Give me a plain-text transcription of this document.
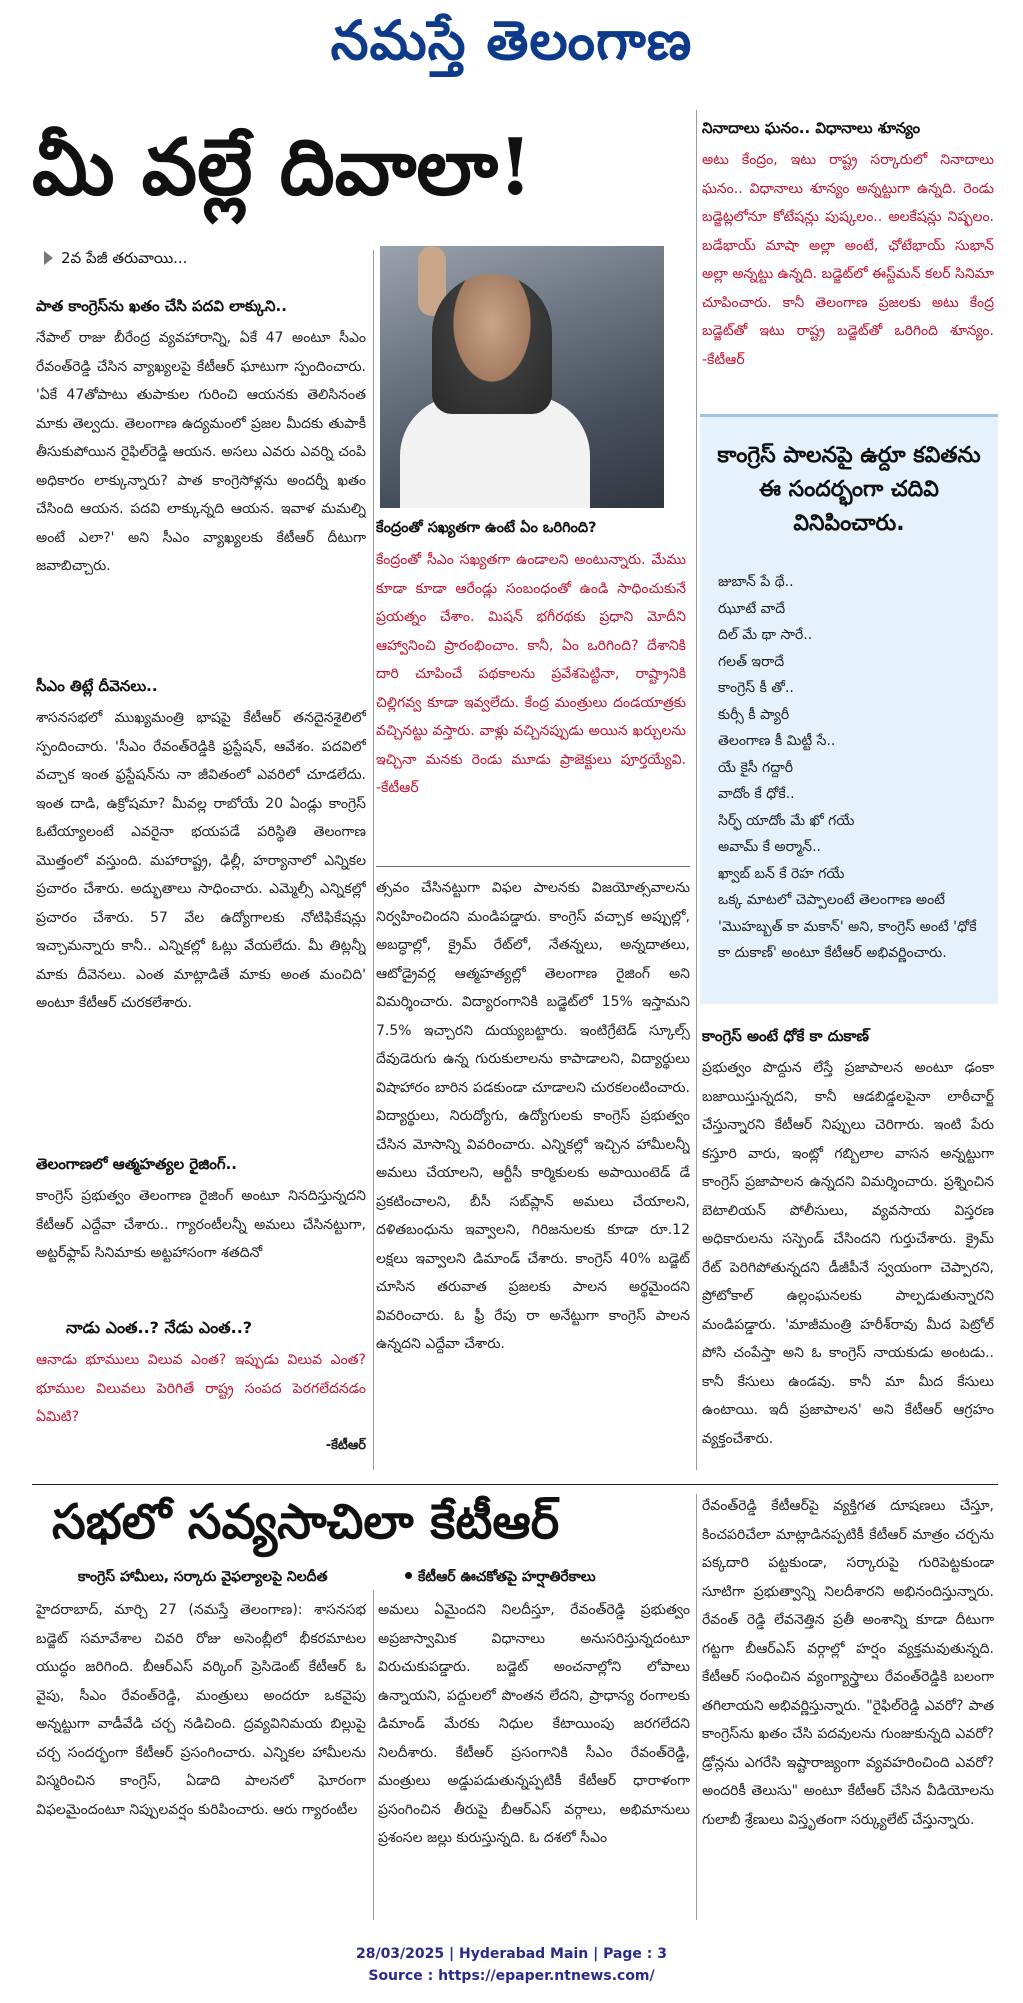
నమస్తే తెలంగాణ
మీ వల్లే దివాలా!
2వ పేజీ తరువాయి...
పాత కాంగ్రెస్‌ను ఖతం చేసి పదవి లాక్కుని..
నేపాల్ రాజు బీరేంద్ర వ్యవహారాన్ని, ఏకే 47 అంటూ సీఎం రేవంత్‌రెడ్డి చేసిన వ్యాఖ్యలపై కేటీఆర్ ఘాటుగా స్పందించారు. 'ఏకే 47తోపాటు తుపాకుల గురించి ఆయనకు తెలిసినంత మాకు తెల్వదు. తెలంగాణ ఉద్యమంలో ప్రజల మీదకు తుపాకీ తీసుకుపోయిన రైఫిల్‌రెడ్డి ఆయన. అసలు ఎవరు ఎవర్ని చంపి అధికారం లాక్కున్నారు? పాత కాంగ్రెసోళ్లను అందర్నీ ఖతం చేసింది ఆయన. పదవి లాక్కున్నది ఆయన. ఇవాళ మమల్ని అంటే ఎలా?' అని సీఎం వ్యాఖ్యలకు కేటీఆర్ దీటుగా జవాబిచ్చారు.
సీఎం తిట్లే దీవెనలు..
శాసనసభలో ముఖ్యమంత్రి భాషపై కేటీఆర్ తనదైనశైలిలో స్పందించారు. 'సీఎం రేవంత్‌రెడ్డికి ఫ్రస్టేషన్, ఆవేశం. పదవిలో వచ్చాక ఇంత ఫ్రస్టేషన్‌ను నా జీవితంలో ఎవరిలో చూడలేదు. ఇంత దాడి, ఉక్రోషమా? మీవల్ల రాబోయే 20 ఏండ్లు కాంగ్రెస్ ఓటేయ్యాలంటే ఎవరైనా భయపడే పరిస్థితి తెలంగాణ మొత్తంలో వస్తుంది. మహారాష్ట్ర, ఢిల్లీ, హర్యానాలో ఎన్నికల ప్రచారం చేశారు. అద్భుతాలు సాధించారు. ఎమ్మెల్సీ ఎన్నికల్లో ప్రచారం చేశారు. 57 వేల ఉద్యోగాలకు నోటిఫికేషన్లు ఇచ్చామన్నారు కానీ.. ఎన్నికల్లో ఓట్లు వేయలేదు. మీ తిట్లన్నీ మాకు దీవెనలు. ఎంత మాట్లాడితే మాకు అంత మంచిది' అంటూ కేటీఆర్ చురకలేశారు.
తెలంగాణలో ఆత్మహత్యల రైజింగ్..
కాంగ్రెస్ ప్రభుత్వం తెలంగాణ రైజింగ్ అంటూ నినదిస్తున్నదని కేటీఆర్ ఎద్దేవా చేశారు.. గ్యారంటీలన్నీ అమలు చేసినట్టుగా, అట్టర్‌ఫ్లాప్ సినిమాకు అట్టహాసంగా శతదినో
నాడు ఎంత..? నేడు ఎంత..?
ఆనాడు భూములు విలువ ఎంత? ఇప్పుడు విలువ ఎంత? భూముల విలువలు పెరిగితే రాష్ట్ర సంపద పెరగలేదనడం ఏమిటి?
-కేటీఆర్
కేంద్రంతో సఖ్యతగా ఉంటే ఏం ఒరిగింది?
కేంద్రంతో సీఎం సఖ్యతగా ఉండాలని అంటున్నారు. మేము కూడా కూడా ఆరేండ్లు సంబంధంతో ఉండి సాధించుకునే ప్రయత్నం చేశాం. మిషన్ భగీరథకు ప్రధాని మోదీని ఆహ్వానించి ప్రారంభించాం. కానీ, ఏం ఒరిగింది? దేశానికి దారి చూపించే పథకాలను ప్రవేశపెట్టినా, రాష్ట్రానికి చిల్లిగవ్వ కూడా ఇవ్వలేదు. కేంద్ర మంత్రులు దండయాత్రకు వచ్చినట్టు వస్తారు. వాళ్లు వచ్చినప్పుడు అయిన ఖర్చులను ఇచ్చినా మనకు రెండు మూడు ప్రాజెక్టులు పూర్తయ్యేవి. -కేటీఆర్
త్సవం చేసినట్టుగా విఫల పాలనకు విజయోత్సవాలను నిర్వహించిందని మండిపడ్డారు. కాంగ్రెస్ వచ్చాక అప్పుల్లో, అబద్ధాల్లో, క్రైమ్ రేట్‌లో, నేతన్నలు, అన్నదాతలు, ఆటోడ్రైవర్ల ఆత్మహత్యల్లో తెలంగాణ రైజింగ్ అని విమర్శించారు. విద్యారంగానికి బడ్జెట్‌లో 15% ఇస్తామని 7.5% ఇచ్చారని దుయ్యబట్టారు. ఇంటిగ్రేటెడ్ స్కూల్స్ దేవుడెరుగు ఉన్న గురుకులాలను కాపాడాలని, విద్యార్థులు విషాహారం బారిన పడకుండా చూడాలని చురకలంటించారు. విద్యార్థులు, నిరుద్యోగు, ఉద్యోగులకు కాంగ్రెస్ ప్రభుత్వం చేసిన మోసాన్ని వివరించారు. ఎన్నికల్లో ఇచ్చిన హామీలన్నీ అమలు చేయాలని, ఆర్టీసీ కార్మికులకు అపాయింటెడ్ డే ప్రకటించాలని, బీసీ సబ్‌ప్లాన్ అమలు చేయాలని, దళితబంధును ఇవ్వాలని, గిరిజనులకు కూడా రూ.12 లక్షలు ఇవ్వాలని డిమాండ్ చేశారు. కాంగ్రెస్ 40% బడ్జెట్ చూసిన తరువాత ప్రజలకు పాలన అర్థమైందని వివరించారు. ఓ ఫ్రీ రేపు రా అనేట్టుగా కాంగ్రెస్ పాలన ఉన్నదని ఎద్దేవా చేశారు.
నినాదాలు ఘనం.. విధానాలు శూన్యం
అటు కేంద్రం, ఇటు రాష్ట్ర సర్కారులో నినాదాలు ఘనం.. విధానాలు శూన్యం అన్నట్టుగా ఉన్నది. రెండు బడ్జెట్లలోనూ కోటేషన్లు పుష్కలం.. అలకేషన్లు నిష్ఫలం. బడేభాయ్ మాషా అల్లా అంటే, ఛోటేభాయ్ సుభాన్ అల్లా అన్నట్టు ఉన్నది. బడ్జెట్‌లో ఈస్ట్‌మన్ కలర్ సినిమా చూపించారు. కానీ తెలంగాణ ప్రజలకు అటు కేంద్ర బడ్జెట్‌తో ఇటు రాష్ట్ర బడ్జెట్‌తో ఒరిగింది శూన్యం. -కేటీఆర్
కాంగ్రెస్ పాలనపై ఉర్దూ కవితను ఈ సందర్భంగా చదివి వినిపించారు.
జుబాన్ పే థే..
ఝూటే వాదే
దిల్ మే థా సారే..
గలత్ ఇరాదే
కాంగ్రెస్ కీ తో..
కుర్సీ కీ ప్యారీ
తెలంగాణ కీ మిట్టీ సే..
యే కైసీ గద్దారీ
వాదోం కే ధోకే..
సిర్ఫ్ యాదోం మే ఖో గయే
అవామ్ కే అర్మాన్..
ఖ్వాబ్ బన్ కే రెహ గయే
ఒక్క మాటలో చెప్పాలంటే తెలంగాణ అంటే 'మొహబ్బత్ కా మకాన్' అని, కాంగ్రెస్ అంటే 'ధోకే కా దుకాణ్' అంటూ కేటీఆర్ అభివర్ణించారు.
కాంగ్రెస్ అంటే ధోకే కా దుకాణ్
ప్రభుత్వం పొద్దున లేస్తే ప్రజాపాలన అంటూ ఢంకా బజాయిస్తున్నదని, కానీ ఆడబిడ్డలపైనా లాఠీచార్జ్ చేస్తున్నారని కేటీఆర్ నిప్పులు చెరిగారు. ఇంటి పేరు కస్తూరి వారు, ఇంట్లో గబ్బిలాల వాసన అన్నట్టుగా కాంగ్రెస్ ప్రజాపాలన ఉన్నదని విమర్శించారు. ప్రశ్నించిన బెటాలియన్ పోలీసులు, వ్యవసాయ విస్తరణ అధికారులను సస్పెండ్ చేసిందని గుర్తుచేశారు. క్రైమ్ రేట్ పెరిగిపోతున్నదని డీజీపీనే స్వయంగా చెప్పారని, ప్రోటోకాల్ ఉల్లంఘనలకు పాల్పడుతున్నారని మండిపడ్డారు. 'మాజీమంత్రి హరీశ్‌రావు మీద పెట్రోల్ పోసి చంపేస్తా అని ఓ కాంగ్రెస్ నాయకుడు అంటడు.. కానీ కేసులు ఉండవు. కానీ మా మీద కేసులు ఉంటాయి. ఇదీ ప్రజాపాలన' అని కేటీఆర్ ఆగ్రహం వ్యక్తంచేశారు.
సభలో సవ్యసాచిలా కేటీఆర్
కాంగ్రెస్ హామీలు, సర్కారు వైఫల్యాలపై నిలదీత	కేటీఆర్ ఊచకోతపై హర్షాతిరేకాలు
హైదరాబాద్, మార్చి 27 (నమస్తే తెలంగాణ): శాసనసభ బడ్జెట్ సమావేశాల చివరి రోజు అసెంబ్లీలో భీకరమాటల యుద్ధం జరిగింది. బీఆర్‌ఎస్ వర్కింగ్ ప్రెసిడెంట్ కేటీఆర్ ఓ వైపు, సీఎం రేవంత్‌రెడ్డి, మంత్రులు అందరూ ఒకవైపు అన్నట్టుగా వాడీవేడి చర్చ నడిచింది. ద్రవ్యవినిమయ బిల్లుపై చర్చ సందర్భంగా కేటీఆర్ ప్రసంగించారు. ఎన్నికల హామీలను విస్మరించిన కాంగ్రెస్, ఏడాది పాలనలో ఘోరంగా విఫలమైందంటూ నిప్పులవర్షం కురిపించారు. ఆరు గ్యారంటీల
అమలు ఏమైందని నిలదీస్తూ, రేవంత్‌రెడ్డి ప్రభుత్వం అప్రజాస్వామిక విధానాలు అనుసరిస్తున్నదంటూ విరుచుకుపడ్డారు. బడ్జెట్ అంచనాల్లోని లోపాలు ఉన్నాయని, పద్దులలో పొంతన లేదని, ప్రాధాన్య రంగాలకు డిమాండ్ మేరకు నిధుల కేటాయింపు జరగలేదని నిలదీశారు. కేటీఆర్ ప్రసంగానికి సీఎం రేవంత్‌రెడ్డి, మంత్రులు అడ్డుపడుతున్నప్పటికీ కేటీఆర్ ధారాళంగా ప్రసంగించిన తీరుపై బీఆర్‌ఎస్ వర్గాలు, అభిమానులు ప్రశంసల జల్లు కురుస్తున్నది. ఓ దశలో సీఎం
రేవంత్‌రెడ్డి కేటీఆర్‌పై వ్యక్తిగత దూషణలు చేస్తూ, కించపరిచేలా మాట్లాడినప్పటికీ కేటీఆర్ మాత్రం చర్చను పక్కదారి పట్టకుండా, సర్కారుపై గురిపెట్టకుండా సూటిగా ప్రభుత్వాన్ని నిలదీశారని అభినందిస్తున్నారు. రేవంత్ రెడ్డి లేవనెత్తిన ప్రతీ అంశాన్ని కూడా దీటుగా గట్టగా బీఆర్‌ఎస్ వర్గాల్లో హర్షం వ్యక్తమవుతున్నది. కేటీఆర్ సంధించిన వ్యంగ్యాస్త్రాలు రేవంత్‌రెడ్డికి బలంగా తగిలాయని అభివర్ణిస్తున్నారు. "రైఫిల్‌రెడ్డి ఎవరో? పాత కాంగ్రెస్‌ను ఖతం చేసి పదవులను గుంజుకున్నది ఎవరో? డ్రోన్లను ఎగరేసి ఇష్టారాజ్యంగా వ్యవహరించింది ఎవరో? అందరికీ తెలుసు" అంటూ కేటీఆర్ చేసిన వీడియోలను గులాబీ శ్రేణులు విస్తృతంగా సర్క్యులేట్ చేస్తున్నారు.
28/03/2025 | Hyderabad Main | Page : 3
Source : https://epaper.ntnews.com/
